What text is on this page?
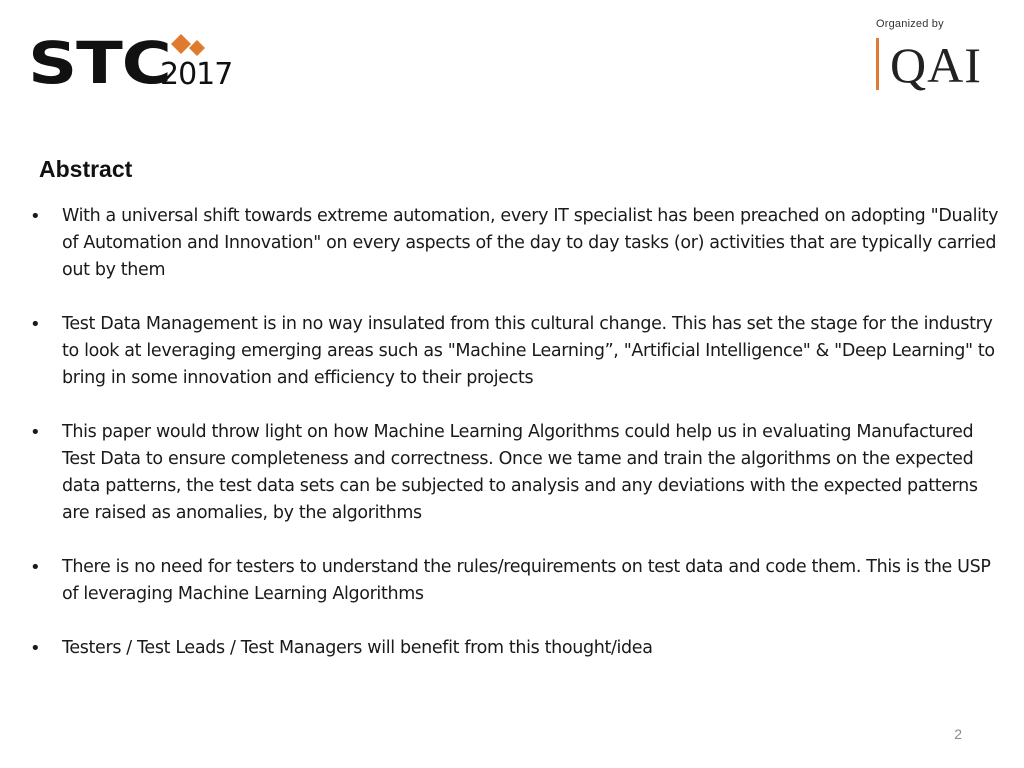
STC
2017
Organized by
QAI
Abstract
• With a universal shift towards extreme automation, every IT specialist has been preached on adopting "Duality of Automation and Innovation" on every aspects of the day to day tasks (or) activities that are typically carried out by them
• Test Data Management is in no way insulated from this cultural change. This has set the stage for the industry to look at leveraging emerging areas such as "Machine Learning”, "Artificial Intelligence" & "Deep Learning" to bring in some innovation and efficiency to their projects
• This paper would throw light on how Machine Learning Algorithms could help us in evaluating Manufactured Test Data to ensure completeness and correctness. Once we tame and train the algorithms on the expected data patterns, the test data sets can be subjected to analysis and any deviations with the expected patterns are raised as anomalies, by the algorithms
• There is no need for testers to understand the rules/requirements on test data and code them. This is the USP of leveraging Machine Learning Algorithms
• Testers / Test Leads / Test Managers will benefit from this thought/idea
2
